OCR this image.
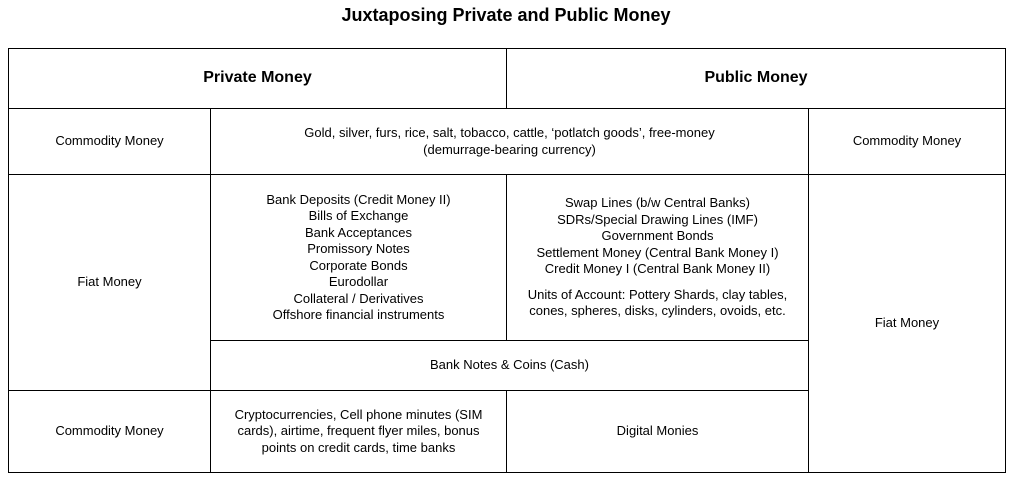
Juxtaposing Private and Public Money
Private Money	Public Money
Commodity Money
Gold, silver, furs, rice, salt, tobacco, cattle, ‘potlatch goods’, free-money (demurrage-bearing currency)
Commodity Money
Fiat Money
Bank Deposits (Credit Money II)
Bills of Exchange
Bank Acceptances
Promissory Notes
Corporate Bonds
Eurodollar
Collateral / Derivatives
Offshore financial instruments
Swap Lines (b/w Central Banks)
SDRs/Special Drawing Lines (IMF)
Government Bonds
Settlement Money (Central Bank Money I)
Credit Money I (Central Bank Money II)
Units of Account: Pottery Shards, clay tables, cones, spheres, disks, cylinders, ovoids, etc.
Bank Notes & Coins (Cash)
Fiat Money
Commodity Money
Cryptocurrencies, Cell phone minutes (SIM cards), airtime, frequent flyer miles, bonus points on credit cards, time banks
Digital Monies
